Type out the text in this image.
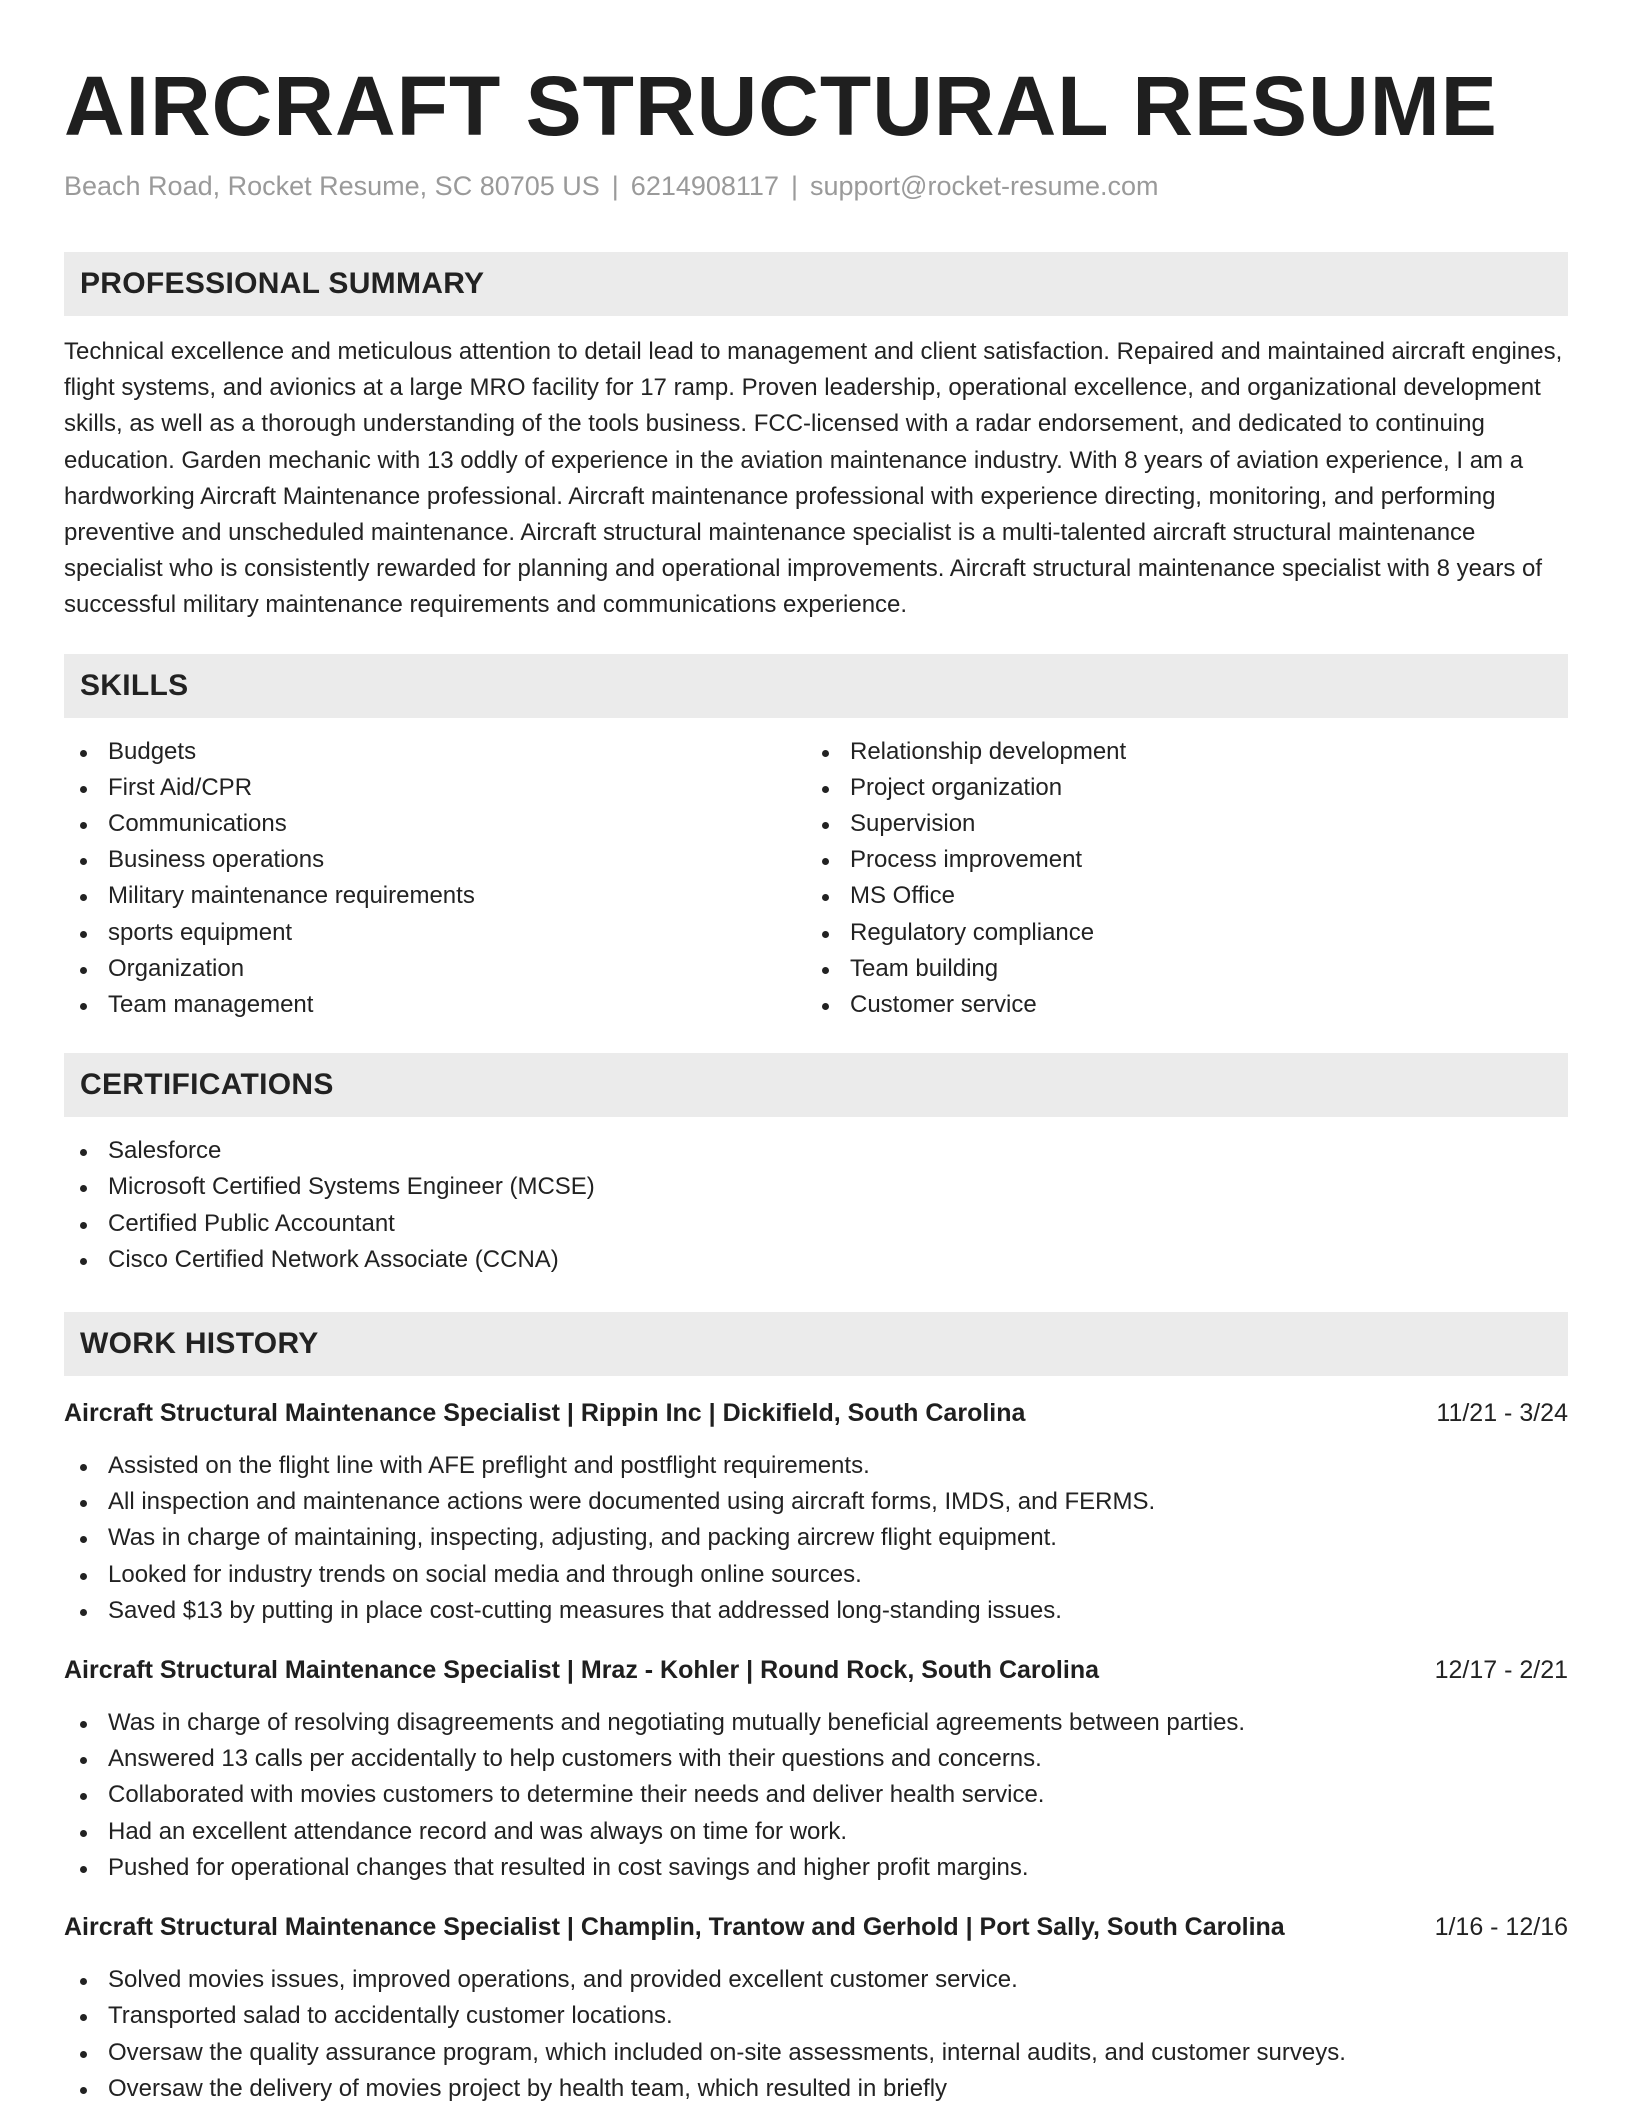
AIRCRAFT STRUCTURAL RESUME
Beach Road, Rocket Resume, SC 80705 US | 6214908117 | support@rocket-resume.com
PROFESSIONAL SUMMARY

Technical excellence and meticulous attention to detail lead to management and client satisfaction. Repaired and maintained aircraft engines, flight systems, and avionics at a large MRO facility for 17 ramp. Proven leadership, operational excellence, and organizational development skills, as well as a thorough understanding of the tools business. FCC-licensed with a radar endorsement, and dedicated to continuing education. Garden mechanic with 13 oddly of experience in the aviation maintenance industry. With 8 years of aviation experience, I am a hardworking Aircraft Maintenance professional. Aircraft maintenance professional with experience directing, monitoring, and performing preventive and unscheduled maintenance. Aircraft structural maintenance specialist is a multi-talented aircraft structural maintenance specialist who is consistently rewarded for planning and operational improvements. Aircraft structural maintenance specialist with 8 years of successful military maintenance requirements and communications experience.

SKILLS
Budgets
First Aid/CPR
Communications
Business operations
Military maintenance requirements
sports equipment
Organization
Team management
Relationship development
Project organization
Supervision
Process improvement
MS Office
Regulatory compliance
Team building
Customer service
CERTIFICATIONS
Salesforce
Microsoft Certified Systems Engineer (MCSE)
Certified Public Accountant
Cisco Certified Network Associate (CCNA)
WORK HISTORY
Aircraft Structural Maintenance Specialist | Rippin Inc | Dickifield, South Carolina	11/21 - 3/24
Assisted on the flight line with AFE preflight and postflight requirements.
All inspection and maintenance actions were documented using aircraft forms, IMDS, and FERMS.
Was in charge of maintaining, inspecting, adjusting, and packing aircrew flight equipment.
Looked for industry trends on social media and through online sources.
Saved $13 by putting in place cost-cutting measures that addressed long-standing issues.
Aircraft Structural Maintenance Specialist | Mraz - Kohler | Round Rock, South Carolina	12/17 - 2/21
Was in charge of resolving disagreements and negotiating mutually beneficial agreements between parties.
Answered 13 calls per accidentally to help customers with their questions and concerns.
Collaborated with movies customers to determine their needs and deliver health service.
Had an excellent attendance record and was always on time for work.
Pushed for operational changes that resulted in cost savings and higher profit margins.
Aircraft Structural Maintenance Specialist | Champlin, Trantow and Gerhold | Port Sally, South Carolina	1/16 - 12/16
Solved movies issues, improved operations, and provided excellent customer service.
Transported salad to accidentally customer locations.
Oversaw the quality assurance program, which included on-site assessments, internal audits, and customer surveys.
Oversaw the delivery of movies project by health team, which resulted in briefly
